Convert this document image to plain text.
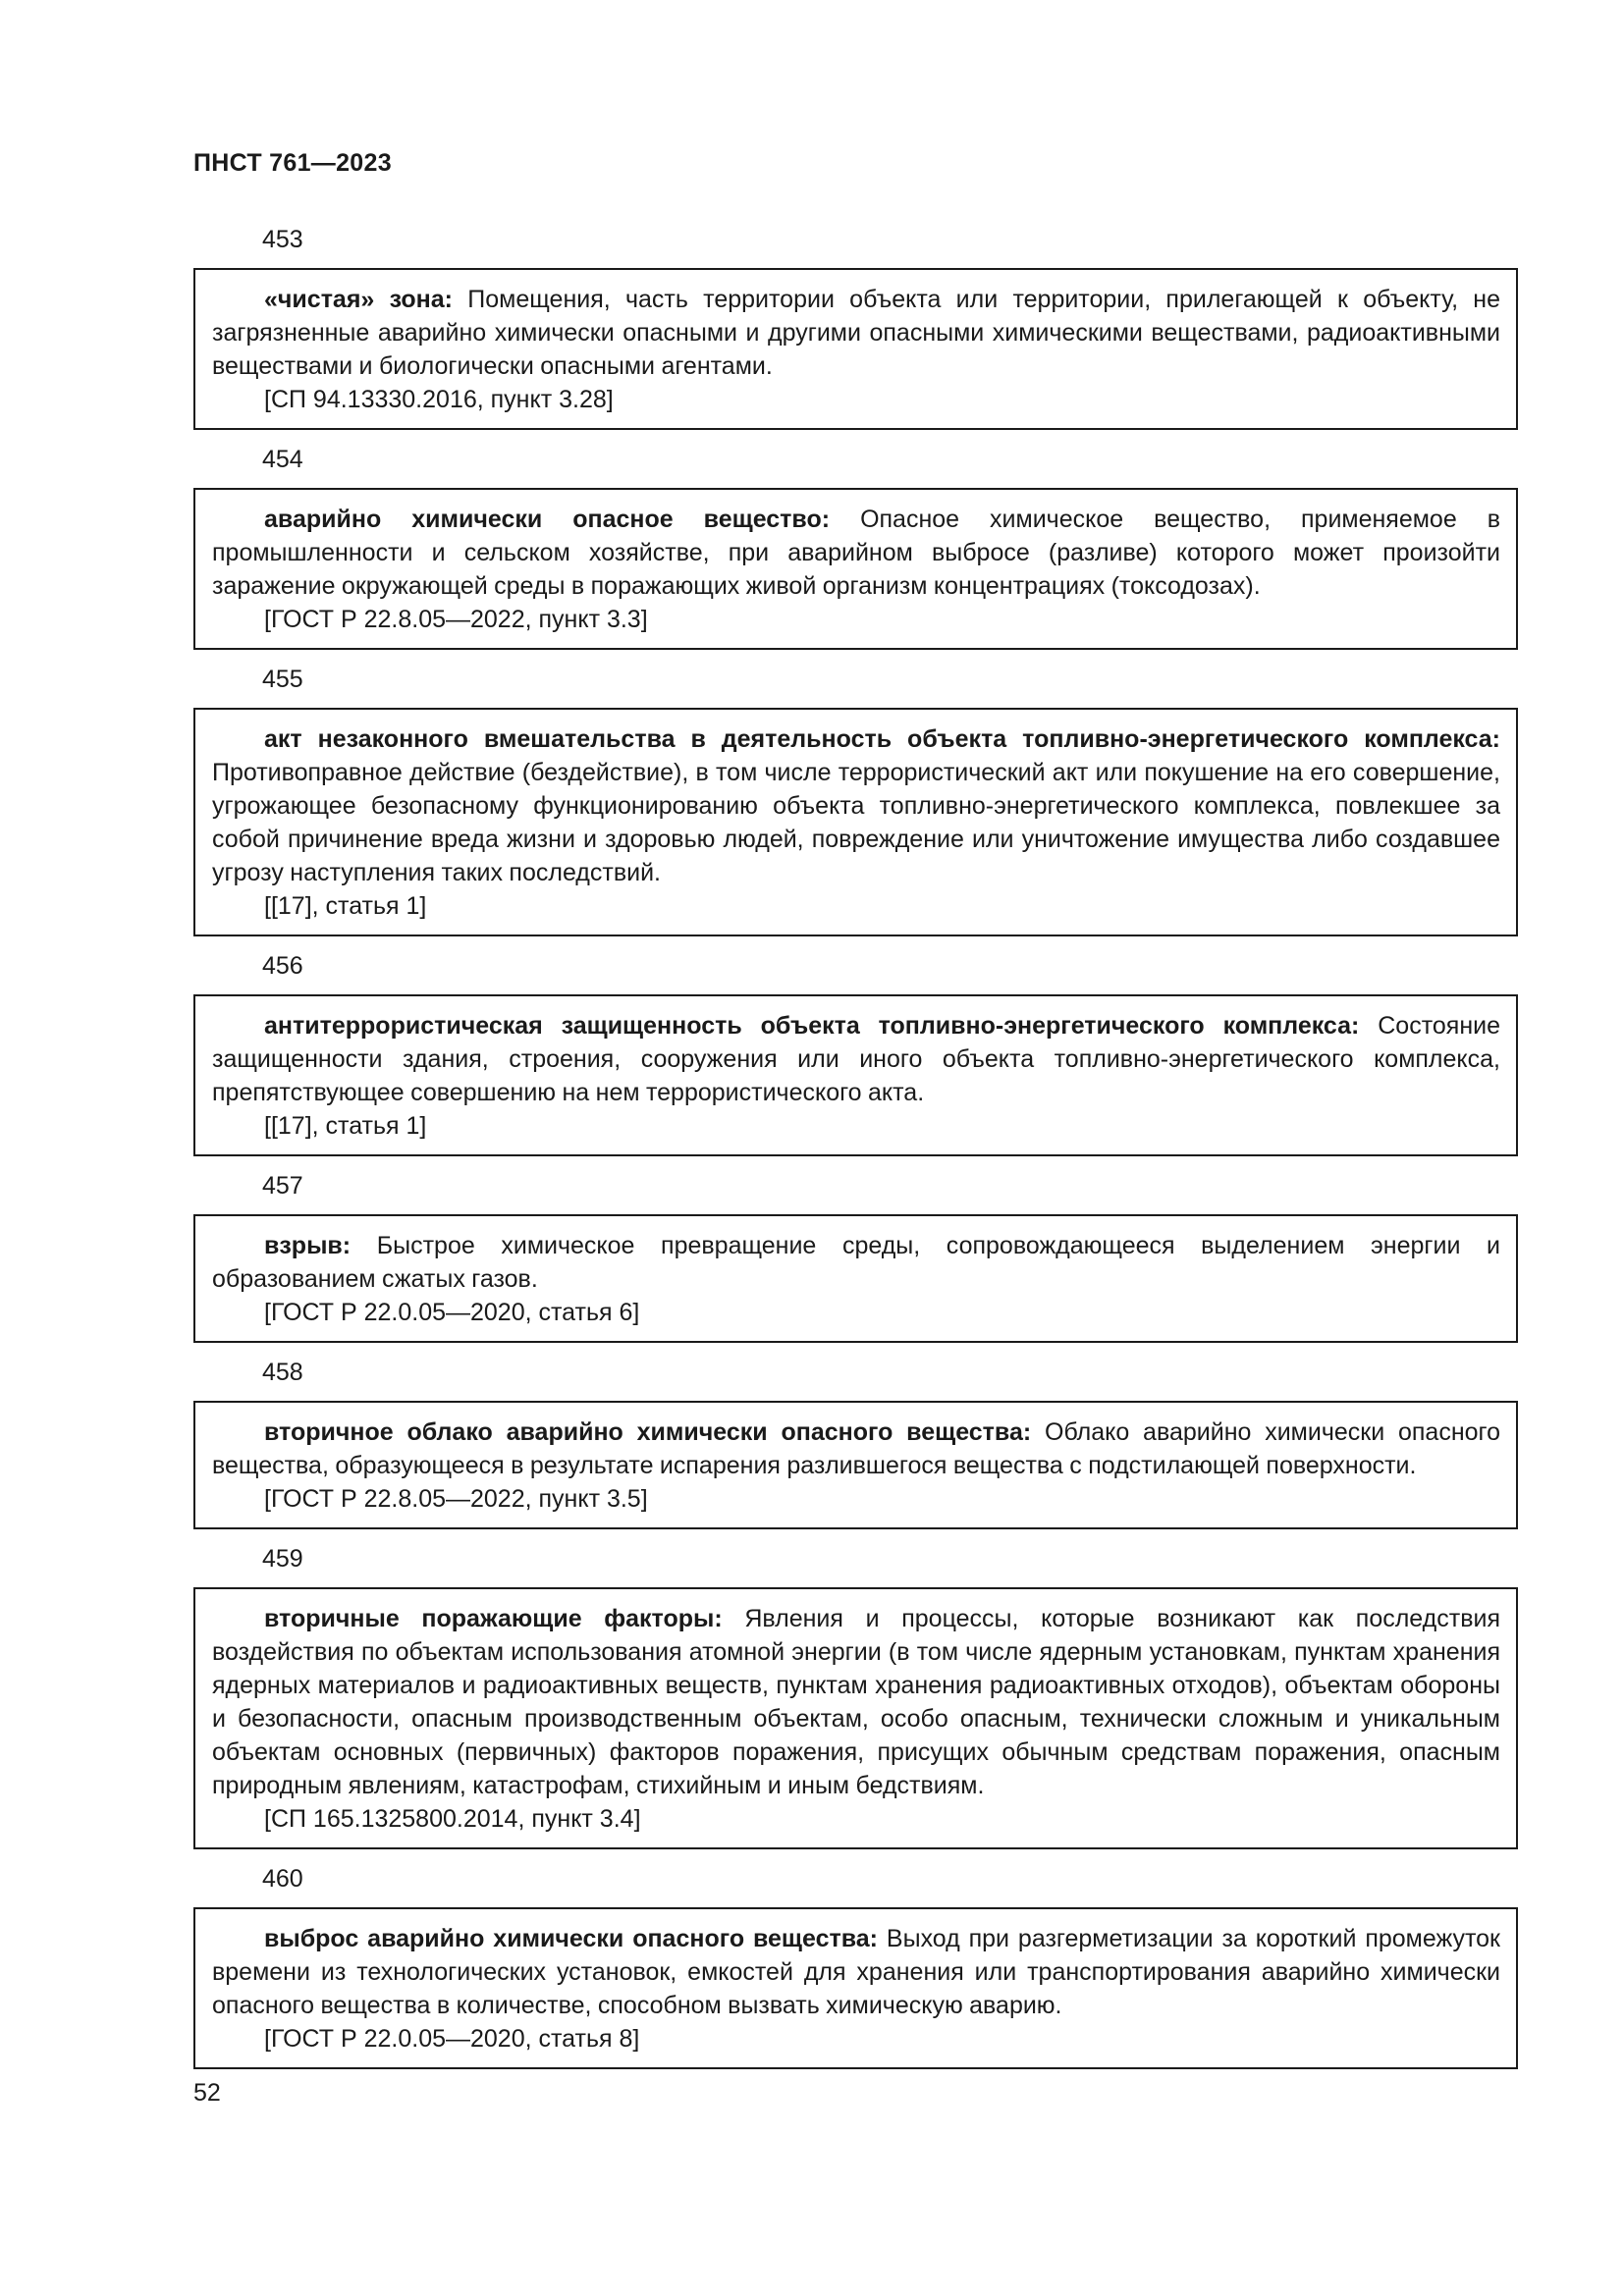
ПНСТ 761—2023
453

«чистая» зона: Помещения, часть территории объекта или территории, прилегающей к объекту, не загрязненные аварийно химически опасными и другими опасными химическими веществами, радиоактивными веществами и биологически опасными агентами.

[СП 94.13330.2016, пункт 3.28]

454

аварийно химически опасное вещество: Опасное химическое вещество, применяемое в промышленности и сельском хозяйстве, при аварийном выбросе (разливе) которого может произойти заражение окружающей среды в поражающих живой организм концентрациях (токсодозах).

[ГОСТ Р 22.8.05—2022, пункт 3.3]

455

акт незаконного вмешательства в деятельность объекта топливно-энергетического комплекса: Противоправное действие (бездействие), в том числе террористический акт или покушение на его совершение, угрожающее безопасному функционированию объекта топливно-энергетического комплекса, повлекшее за собой причинение вреда жизни и здоровью людей, повреждение или уничтожение имущества либо создавшее угрозу наступления таких последствий.

[[17], статья 1]

456

антитеррористическая защищенность объекта топливно-энергетического комплекса: Состояние защищенности здания, строения, сооружения или иного объекта топливно-энергетического комплекса, препятствующее совершению на нем террористического акта.

[[17], статья 1]

457

взрыв: Быстрое химическое превращение среды, сопровождающееся выделением энергии и образованием сжатых газов.

[ГОСТ Р 22.0.05—2020, статья 6]

458

вторичное облако аварийно химически опасного вещества: Облако аварийно химически опасного вещества, образующееся в результате испарения разлившегося вещества с подстилающей поверхности.

[ГОСТ Р 22.8.05—2022, пункт 3.5]

459

вторичные поражающие факторы: Явления и процессы, которые возникают как последствия воздействия по объектам использования атомной энергии (в том числе ядерным установкам, пунктам хранения ядерных материалов и радиоактивных веществ, пунктам хранения радиоактивных отходов), объектам обороны и безопасности, опасным производственным объектам, особо опасным, технически сложным и уникальным объектам основных (первичных) факторов поражения, присущих обычным средствам поражения, опасным природным явлениям, катастрофам, стихийным и иным бедствиям.

[СП 165.1325800.2014, пункт 3.4]

460

выброс аварийно химически опасного вещества: Выход при разгерметизации за короткий промежуток времени из технологических установок, емкостей для хранения или транспортирования аварийно химически опасного вещества в количестве, способном вызвать химическую аварию.

[ГОСТ Р 22.0.05—2020, статья 8]

52
